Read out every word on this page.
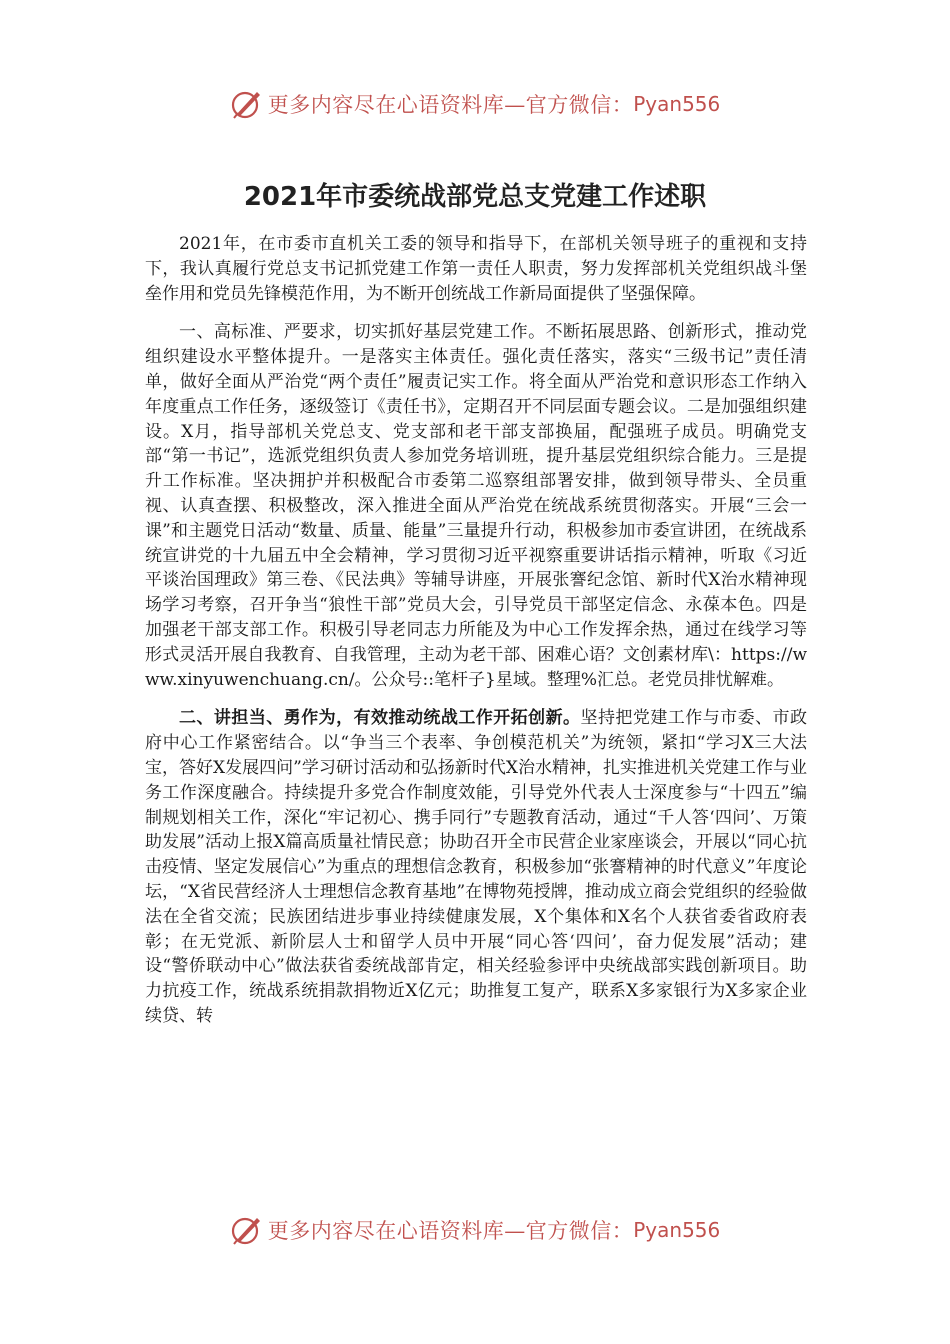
更多内容尽在心语资料库—官方微信： Pyan556
2021年市委统战部党总支党建工作述职

2021年，在市委市直机关工委的领导和指导下，在部机关领导班子的重视和支持下，我认真履行党总支书记抓党建工作第一责任人职责，努力发挥部机关党组织战斗堡垒作用和党员先锋模范作用，为不断开创统战工作新局面提供了坚强保障。

一、高标准、严要求，切实抓好基层党建工作。不断拓展思路、创新形式，推动党组织建设水平整体提升。一是落实主体责任。强化责任落实，落实“三级书记”责任清单，做好全面从严治党“两个责任”履责记实工作。将全面从严治党和意识形态工作纳入年度重点工作任务，逐级签订《责任书》，定期召开不同层面专题会议。二是加强组织建设。X月，指导部机关党总支、党支部和老干部支部换届，配强班子成员。明确党支部“第一书记”，选派党组织负责人参加党务培训班，提升基层党组织综合能力。三是提升工作标准。坚决拥护并积极配合市委第二巡察组部署安排，做到领导带头、全员重视、认真查摆、积极整改，深入推进全面从严治党在统战系统贯彻落实。开展“三会一课”和主题党日活动“数量、质量、能量”三量提升行动，积极参加市委宣讲团，在统战系统宣讲党的十九届五中全会精神，学习贯彻习近平视察重要讲话指示精神，听取《习近平谈治国理政》第三卷、《民法典》等辅导讲座，开展张謇纪念馆、新时代X治水精神现场学习考察，召开争当“狼性干部”党员大会，引导党员干部坚定信念、永葆本色。四是加强老干部支部工作。积极引导老同志力所能及为中心工作发挥余热，通过在线学习等形式灵活开展自我教育、自我管理，主动为老干部、困难心语？文创素材库\：https://www.xinyuwenchuang.cn/。公众号::笔杆子}星域。整理%汇总。老党员排忧解难。

二、讲担当、勇作为，有效推动统战工作开拓创新。坚持把党建工作与市委、市政府中心工作紧密结合。以“争当三个表率、争创模范机关”为统领，紧扣“学习X三大法宝，答好X发展四问”学习研讨活动和弘扬新时代X治水精神，扎实推进机关党建工作与业务工作深度融合。持续提升多党合作制度效能，引导党外代表人士深度参与“十四五”编制规划相关工作，深化“牢记初心、携手同行”专题教育活动，通过“千人答‘四问’、万策助发展”活动上报X篇高质量社情民意；协助召开全市民营企业家座谈会，开展以“同心抗击疫情、坚定发展信心”为重点的理想信念教育，积极参加“张謇精神的时代意义”年度论坛，“X省民营经济人士理想信念教育基地”在博物苑授牌，推动成立商会党组织的经验做法在全省交流；民族团结进步事业持续健康发展，X个集体和X名个人获省委省政府表彰；在无党派、新阶层人士和留学人员中开展“同心答‘四问’，奋力促发展”活动；建设“警侨联动中心”做法获省委统战部肯定，相关经验参评中央统战部实践创新项目。助力抗疫工作，统战系统捐款捐物近X亿元；助推复工复产，联系X多家银行为X多家企业续贷、转

更多内容尽在心语资料库—官方微信： Pyan556
